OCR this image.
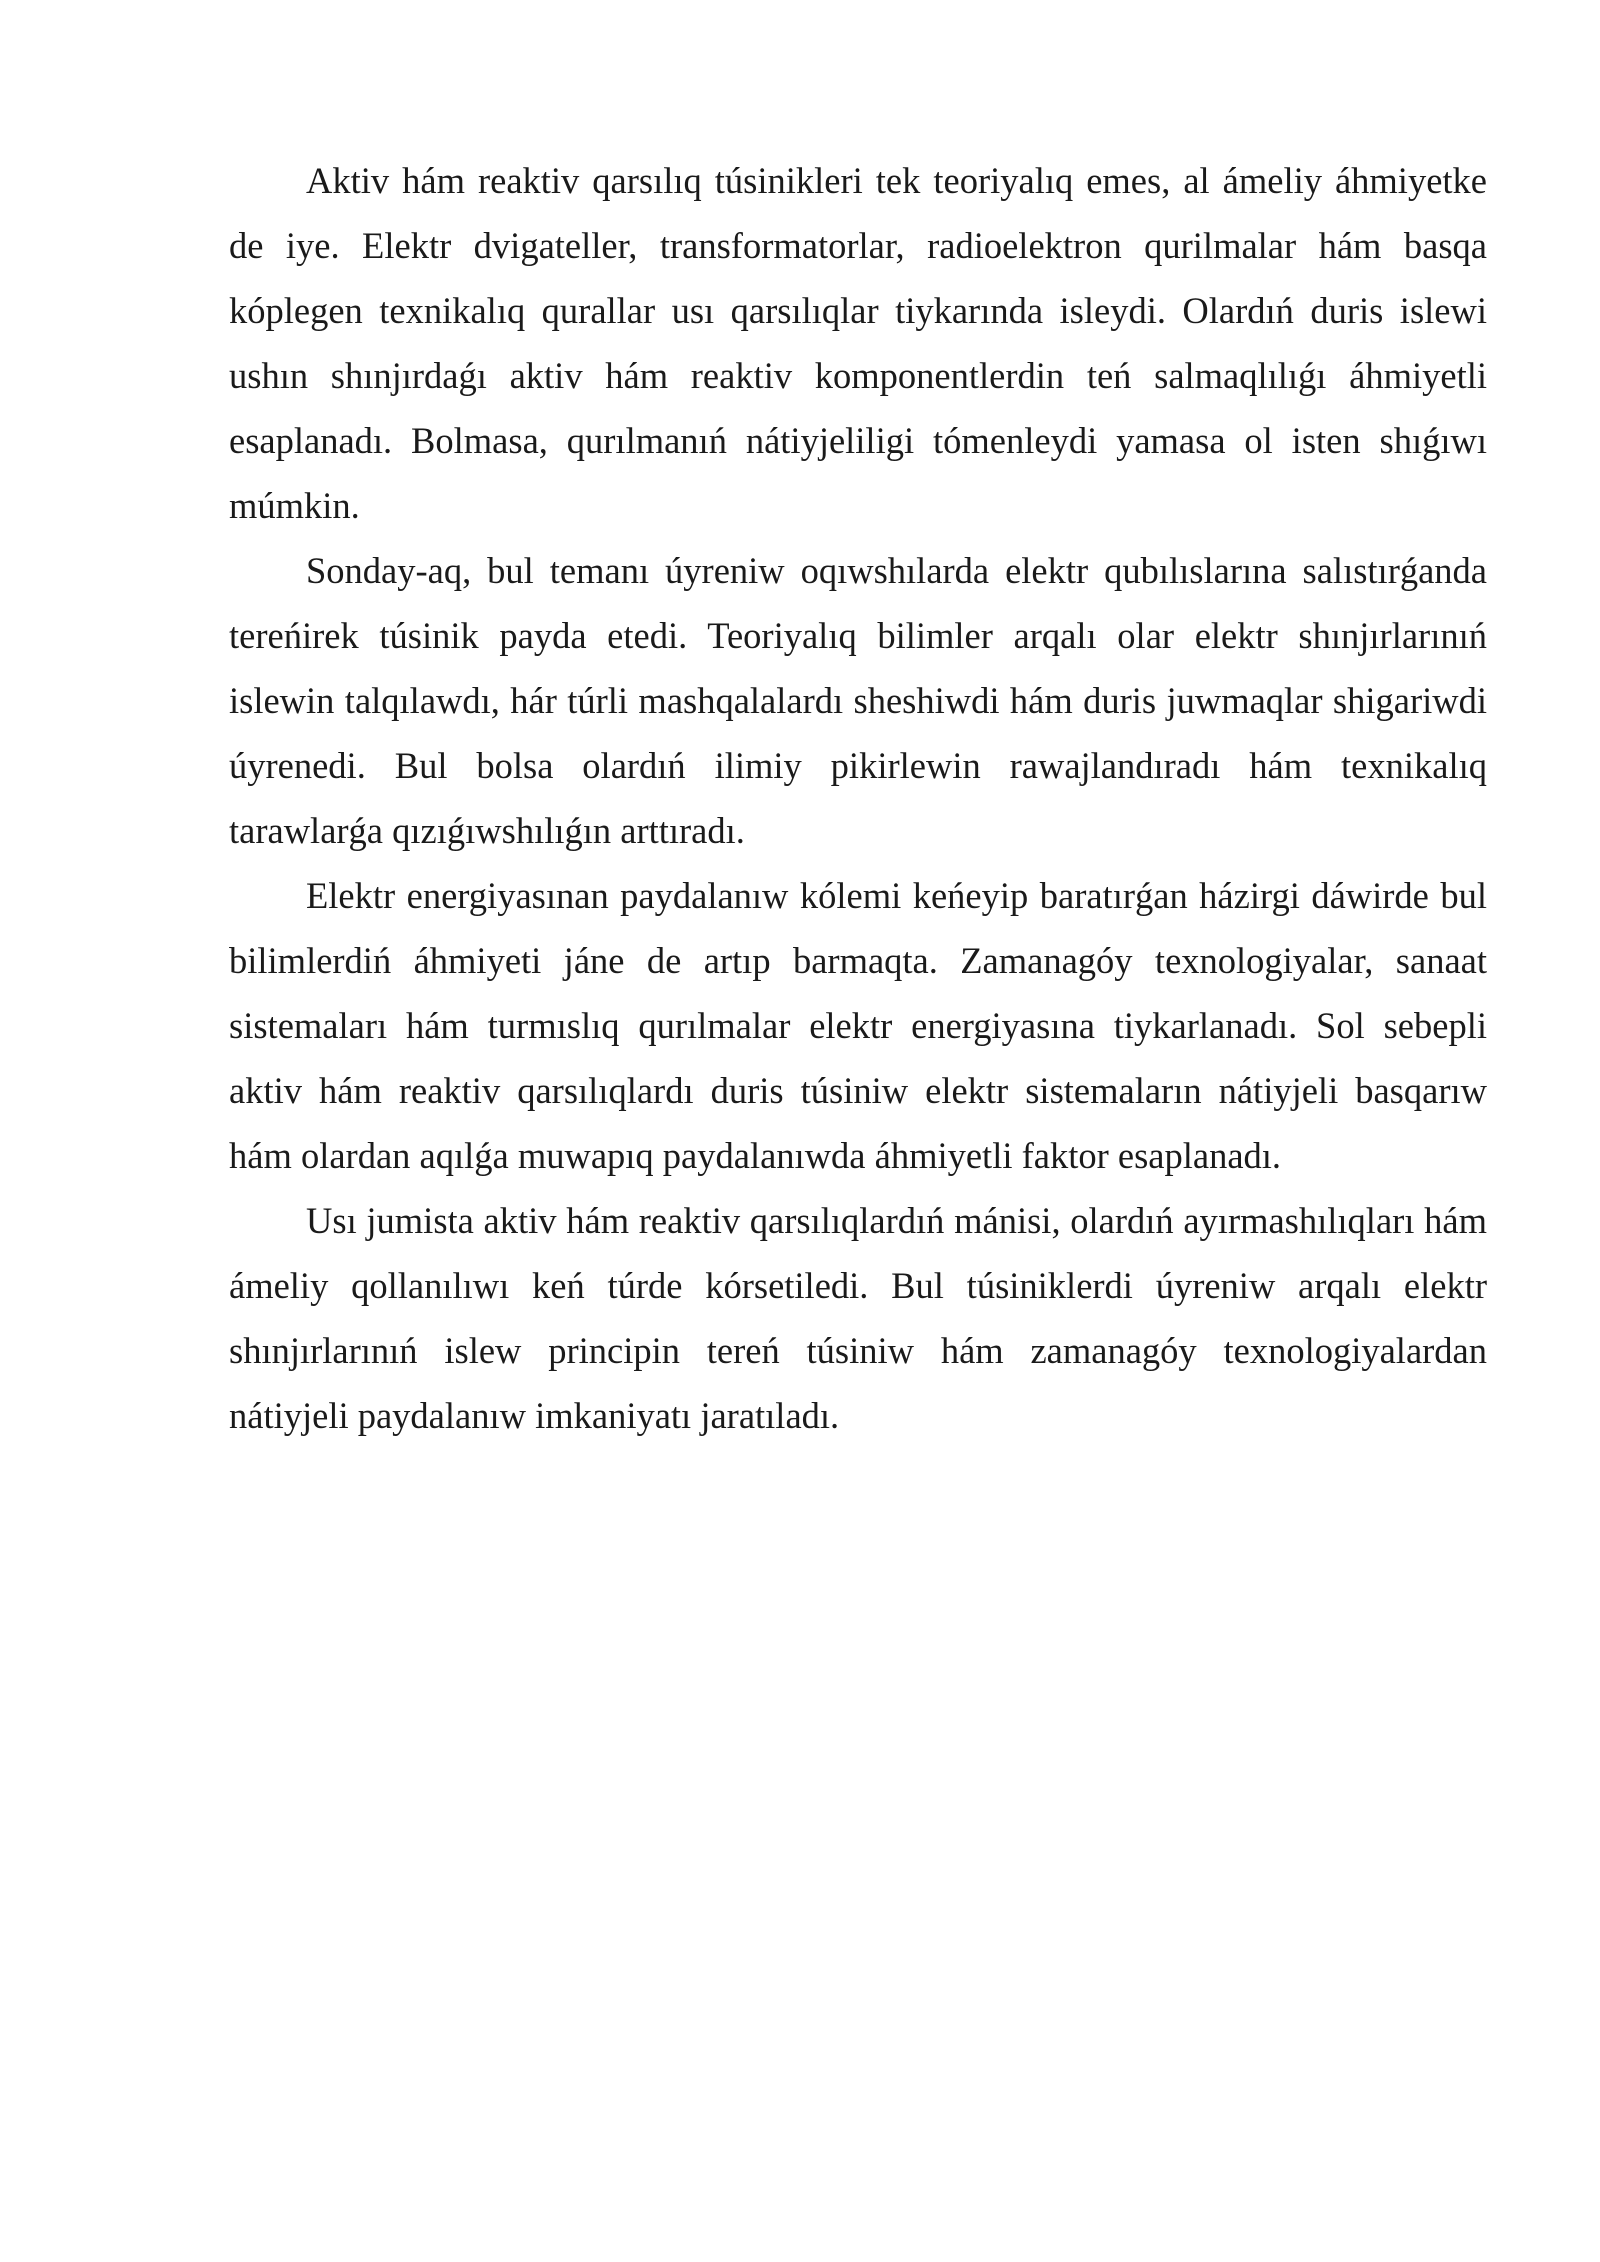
Aktiv hám reaktiv qarsılıq túsinikleri tek teoriyalıq emes, al ámeliy áhmiyetke de iye. Elektr dvigateller, transformatorlar, radioelektron qurilmalar hám basqa kóplegen texnikalıq qurallar usı qarsılıqlar tiykarında isleydi. Olardıń duris islewi ushın shınjırdaǵı aktiv hám reaktiv komponentlerdin teń salmaqlılıǵı áhmiyetli esaplanadı. Bolmasa, qurılmanıń nátiyjeliligi tómenleydi yamasa ol isten shıǵıwı múmkin.

Sonday-aq, bul temanı úyreniw oqıwshılarda elektr qubılıslarına salıstırǵanda tereńirek túsinik payda etedi. Teoriyalıq bilimler arqalı olar elektr shınjırlarınıń islewin talqılawdı, hár túrli mashqalalardı sheshiwdi hám duris juwmaqlar shigariwdi úyrenedi. Bul bolsa olardıń ilimiy pikirlewin rawajlandıradı hám texnikalıq tarawlarǵa qızıǵıwshılıǵın arttıradı.

Elektr energiyasınan paydalanıw kólemi keńeyip baratırǵan házirgi dáwirde bul bilimlerdiń áhmiyeti jáne de artıp barmaqta. Zamanagóy texnologiyalar, sanaat sistemaları hám turmıslıq qurılmalar elektr energiyasına tiykarlanadı. Sol sebepli aktiv hám reaktiv qarsılıqlardı duris túsiniw elektr sistemaların nátiyjeli basqarıw hám olardan aqılǵa muwapıq paydalanıwda áhmiyetli faktor esaplanadı.

Usı jumista aktiv hám reaktiv qarsılıqlardıń mánisi, olardıń ayırmashılıqları hám ámeliy qollanılıwı keń túrde kórsetiledi. Bul túsiniklerdi úyreniw arqalı elektr shınjırlarınıń islew principin tereń túsiniw hám zamanagóy texnologiyalardan nátiyjeli paydalanıw imkaniyatı jaratıladı.
